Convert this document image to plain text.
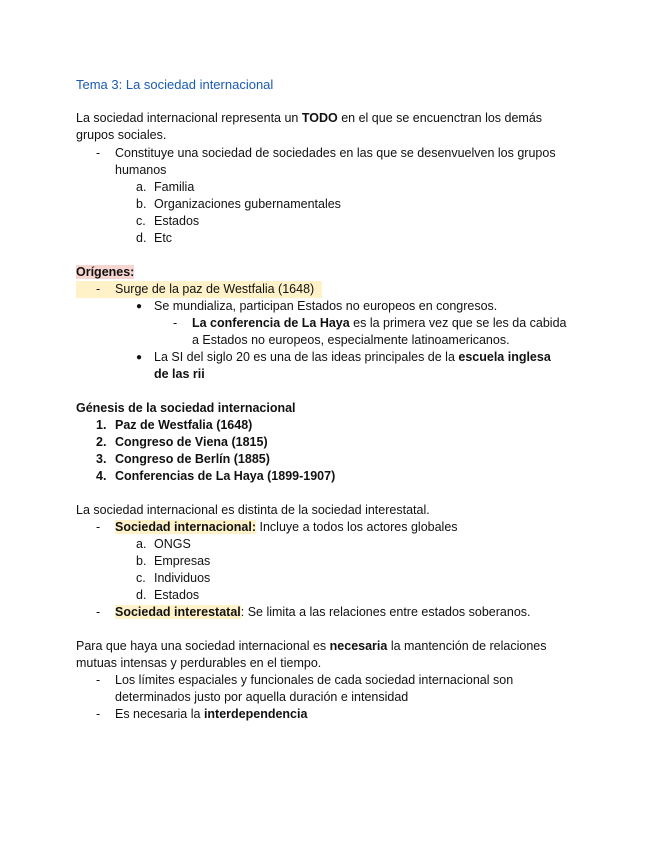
Tema 3: La sociedad internacional
La sociedad internacional representa un TODO en el que se encuenctran los demás
grupos sociales.
- Constituye una sociedad de sociedades en las que se desenvuelven los grupos
humanos
a. Familia
b. Organizaciones gubernamentales
c. Estados
d. Etc
Orígenes:
- Surge de la paz de Westfalia (1648)
● Se mundializa, participan Estados no europeos en congresos.
- La conferencia de La Haya es la primera vez que se les da cabida
a Estados no europeos, especialmente latinoamericanos.
● La SI del siglo 20 es una de las ideas principales de la escuela inglesa
de las rii
Génesis de la sociedad internacional
1. Paz de Westfalia (1648)
2. Congreso de Viena (1815)
3. Congreso de Berlín (1885)
4. Conferencias de La Haya (1899-1907)
La sociedad internacional es distinta de la sociedad interestatal.
- Sociedad internacional: Incluye a todos los actores globales
a. ONGS
b. Empresas
c. Individuos
d. Estados
- Sociedad interestatal: Se limita a las relaciones entre estados soberanos.
Para que haya una sociedad internacional es necesaria la mantención de relaciones
mutuas intensas y perdurables en el tiempo.
- Los límites espaciales y funcionales de cada sociedad internacional son
determinados justo por aquella duración e intensidad
- Es necesaria la interdependencia
